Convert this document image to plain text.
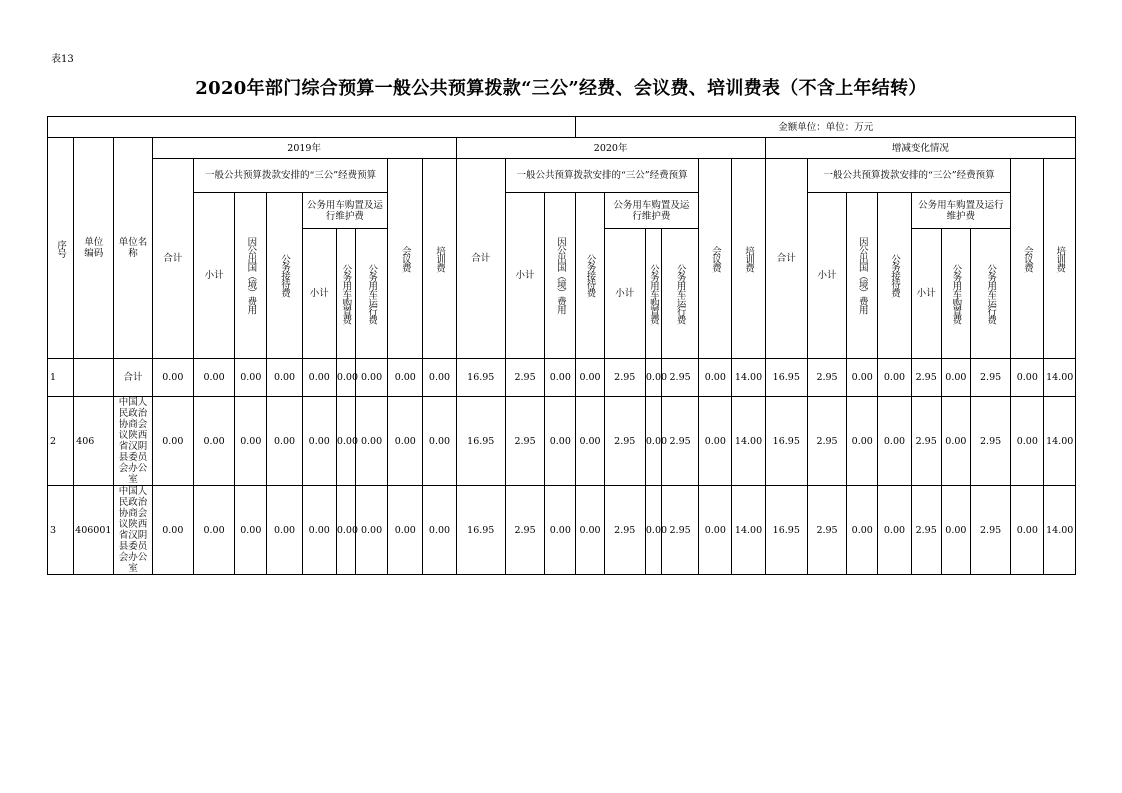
表13
2020年部门综合预算一般公共预算拨款“三公”经费、会议费、培训费表（不含上年结转）
															金额单位：单位：万元														
序号	单位编码	单位名称	2019年									2020年									增减变化情况								
			合计	一般公共预算拨款安排的“三公”经费预算						会议费	培训费	合计	一般公共预算拨款安排的“三公”经费预算						会议费	培训费	合计	一般公共预算拨款安排的“三公”经费预算						会议费	培训费
				小计	因公出国（境）费用	公务接待费	公务用车购置及运行维护费						小计	因公出国（境）费用	公务接待费	公务用车购置及运行维护费						小计	因公出国（境）费用	公务接待费	公务用车购置及运行维护费				
							小计	公务用车购置费	公务用车运行费							小计	公务用车购置费	公务用车运行费							小计	公务用车购置费	公务用车运行费		

1		合计	0.00	0.00	0.00	0.00	0.00	0.00	0.00	0.00	0.00	16.95	2.95	0.00	0.00	2.95	0.00	2.95	0.00	14.00	16.95	2.95	0.00	0.00	2.95	0.00	2.95	0.00	14.00
2	406	中国人民政治协商会议陕西省汉阴县委员会办公室	0.00	0.00	0.00	0.00	0.00	0.00	0.00	0.00	0.00	16.95	2.95	0.00	0.00	2.95	0.00	2.95	0.00	14.00	16.95	2.95	0.00	0.00	2.95	0.00	2.95	0.00	14.00
3	406001	中国人民政治协商会议陕西省汉阴县委员会办公室	0.00	0.00	0.00	0.00	0.00	0.00	0.00	0.00	0.00	16.95	2.95	0.00	0.00	2.95	0.00	2.95	0.00	14.00	16.95	2.95	0.00	0.00	2.95	0.00	2.95	0.00	14.00
